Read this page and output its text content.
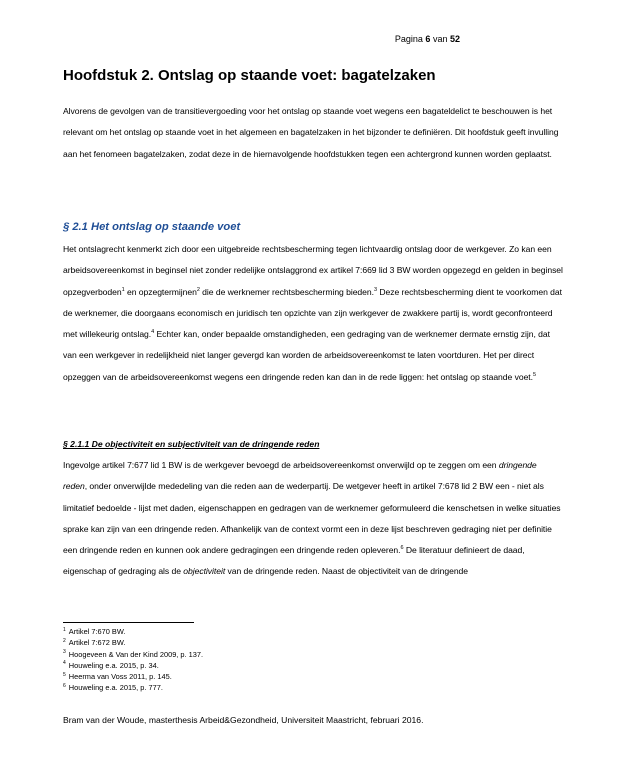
Pagina 6 van 52

Hoofdstuk 2. Ontslag op staande voet: bagatelzaken

Alvorens de gevolgen van de transitievergoeding voor het ontslag op staande voet wegens een bagateldelict te beschouwen is het relevant om het ontslag op staande voet in het algemeen en bagatelzaken in het bijzonder te definiëren. Dit hoofdstuk geeft invulling aan het fenomeen bagatelzaken, zodat deze in de hiernavolgende hoofdstukken tegen een achtergrond kunnen worden geplaatst.

§ 2.1 Het ontslag op staande voet

Het ontslagrecht kenmerkt zich door een uitgebreide rechtsbescherming tegen lichtvaardig ontslag door de werkgever. Zo kan een arbeidsovereenkomst in beginsel niet zonder redelijke ontslaggrond ex artikel 7:669 lid 3 BW worden opgezegd en gelden in beginsel opzegverboden$^1$ en opzegtermijnen$^2$ die de werknemer rechtsbescherming bieden.$^3$ Deze rechtsbescherming dient te voorkomen dat de werknemer, die doorgaans economisch en juridisch ten opzichte van zijn werkgever de zwakkere partij is, wordt geconfronteerd met willekeurig ontslag.$^4$ Echter kan, onder bepaalde omstandigheden, een gedraging van de werknemer dermate ernstig zijn, dat van een werkgever in redelijkheid niet langer gevergd kan worden de arbeidsovereenkomst te laten voortduren. Het per direct opzeggen van de arbeidsovereenkomst wegens een dringende reden kan dan in de rede liggen: het ontslag op staande voet.$^5$

§ 2.1.1 De objectiviteit en subjectiviteit van de dringende reden

Ingevolge artikel 7:677 lid 1 BW is de werkgever bevoegd de arbeidsovereenkomst onverwijld op te zeggen om een dringende reden, onder onverwijlde mededeling van die reden aan de wederpartij. De wetgever heeft in artikel 7:678 lid 2 BW een - niet als limitatief bedoelde - lijst met daden, eigenschappen en gedragen van de werknemer geformuleerd die kenschetsen in welke situaties sprake kan zijn van een dringende reden. Afhankelijk van de context vormt een in deze lijst beschreven gedraging niet per definitie een dringende reden en kunnen ook andere gedragingen een dringende reden opleveren.$^6$ De literatuur definieert de daad, eigenschap of gedraging als de objectiviteit van de dringende reden. Naast de objectiviteit van de dringende

$^1$ Artikel 7:670 BW.
$^2$ Artikel 7:672 BW.
$^3$ Hoogeveen & Van der Kind 2009, p. 137.
$^4$ Houweling e.a. 2015, p. 34.
$^5$ Heerma van Voss 2011, p. 145.
$^6$ Houweling e.a. 2015, p. 777.

Bram van der Woude, masterthesis Arbeid&Gezondheid, Universiteit Maastricht, februari 2016.
